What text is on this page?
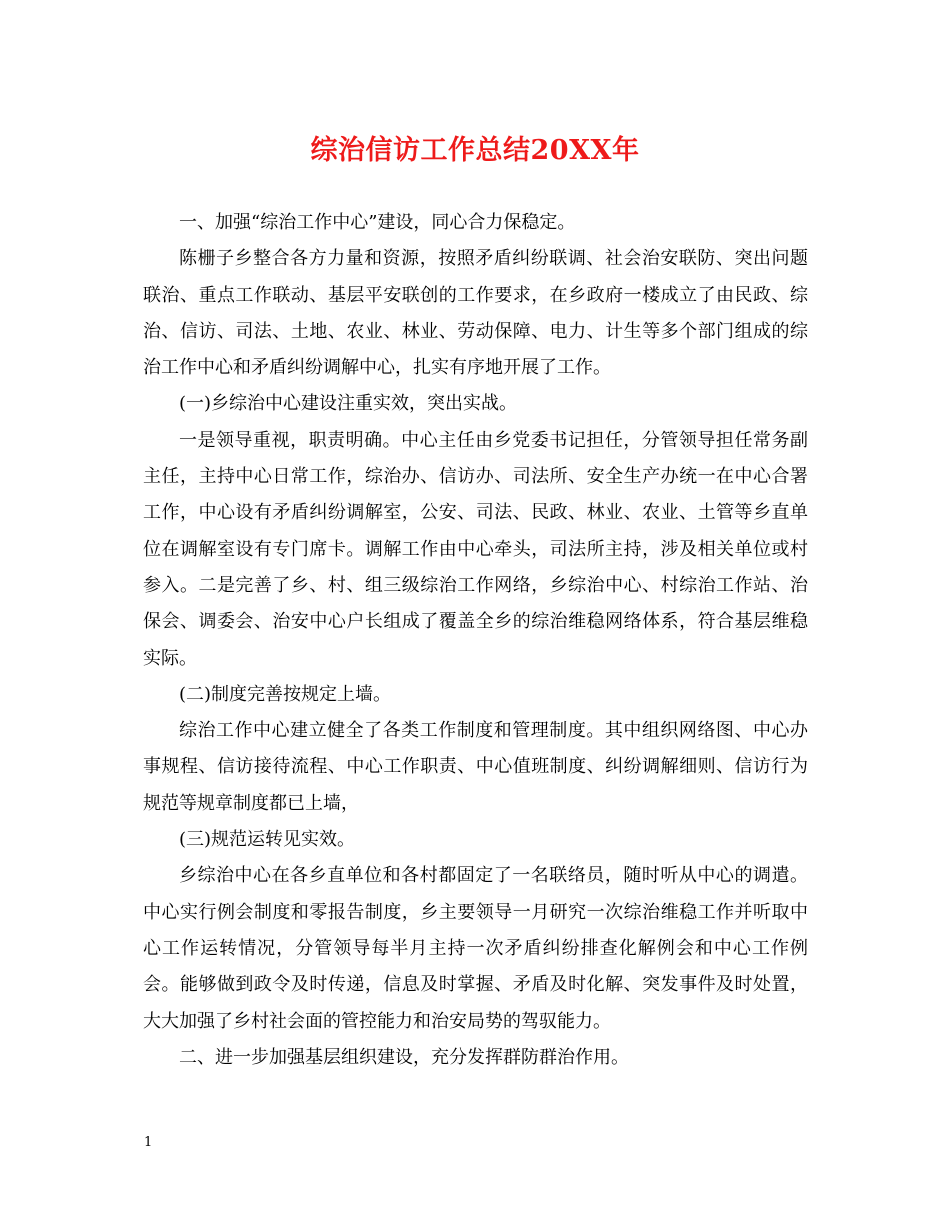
综治信访工作总结20XX年

一、加强“综治工作中心”建设，同心合力保稳定。

陈栅子乡整合各方力量和资源，按照矛盾纠纷联调、社会治安联防、突出问题联治、重点工作联动、基层平安联创的工作要求，在乡政府一楼成立了由民政、综治、信访、司法、土地、农业、林业、劳动保障、电力、计生等多个部门组成的综治工作中心和矛盾纠纷调解中心，扎实有序地开展了工作。

(一)乡综治中心建设注重实效，突出实战。

一是领导重视，职责明确。中心主任由乡党委书记担任，分管领导担任常务副主任，主持中心日常工作，综治办、信访办、司法所、安全生产办统一在中心合署工作，中心设有矛盾纠纷调解室，公安、司法、民政、林业、农业、土管等乡直单位在调解室设有专门席卡。调解工作由中心牵头，司法所主持，涉及相关单位或村参入。二是完善了乡、村、组三级综治工作网络，乡综治中心、村综治工作站、治保会、调委会、治安中心户长组成了覆盖全乡的综治维稳网络体系，符合基层维稳实际。

(二)制度完善按规定上墙。

综治工作中心建立健全了各类工作制度和管理制度。其中组织网络图、中心办事规程、信访接待流程、中心工作职责、中心值班制度、纠纷调解细则、信访行为规范等规章制度都已上墙，

(三)规范运转见实效。

乡综治中心在各乡直单位和各村都固定了一名联络员，随时听从中心的调遣。中心实行例会制度和零报告制度，乡主要领导一月研究一次综治维稳工作并听取中心工作运转情况，分管领导每半月主持一次矛盾纠纷排查化解例会和中心工作例会。能够做到政令及时传递，信息及时掌握、矛盾及时化解、突发事件及时处置，大大加强了乡村社会面的管控能力和治安局势的驾驭能力。

二、进一步加强基层组织建设，充分发挥群防群治作用。

1
